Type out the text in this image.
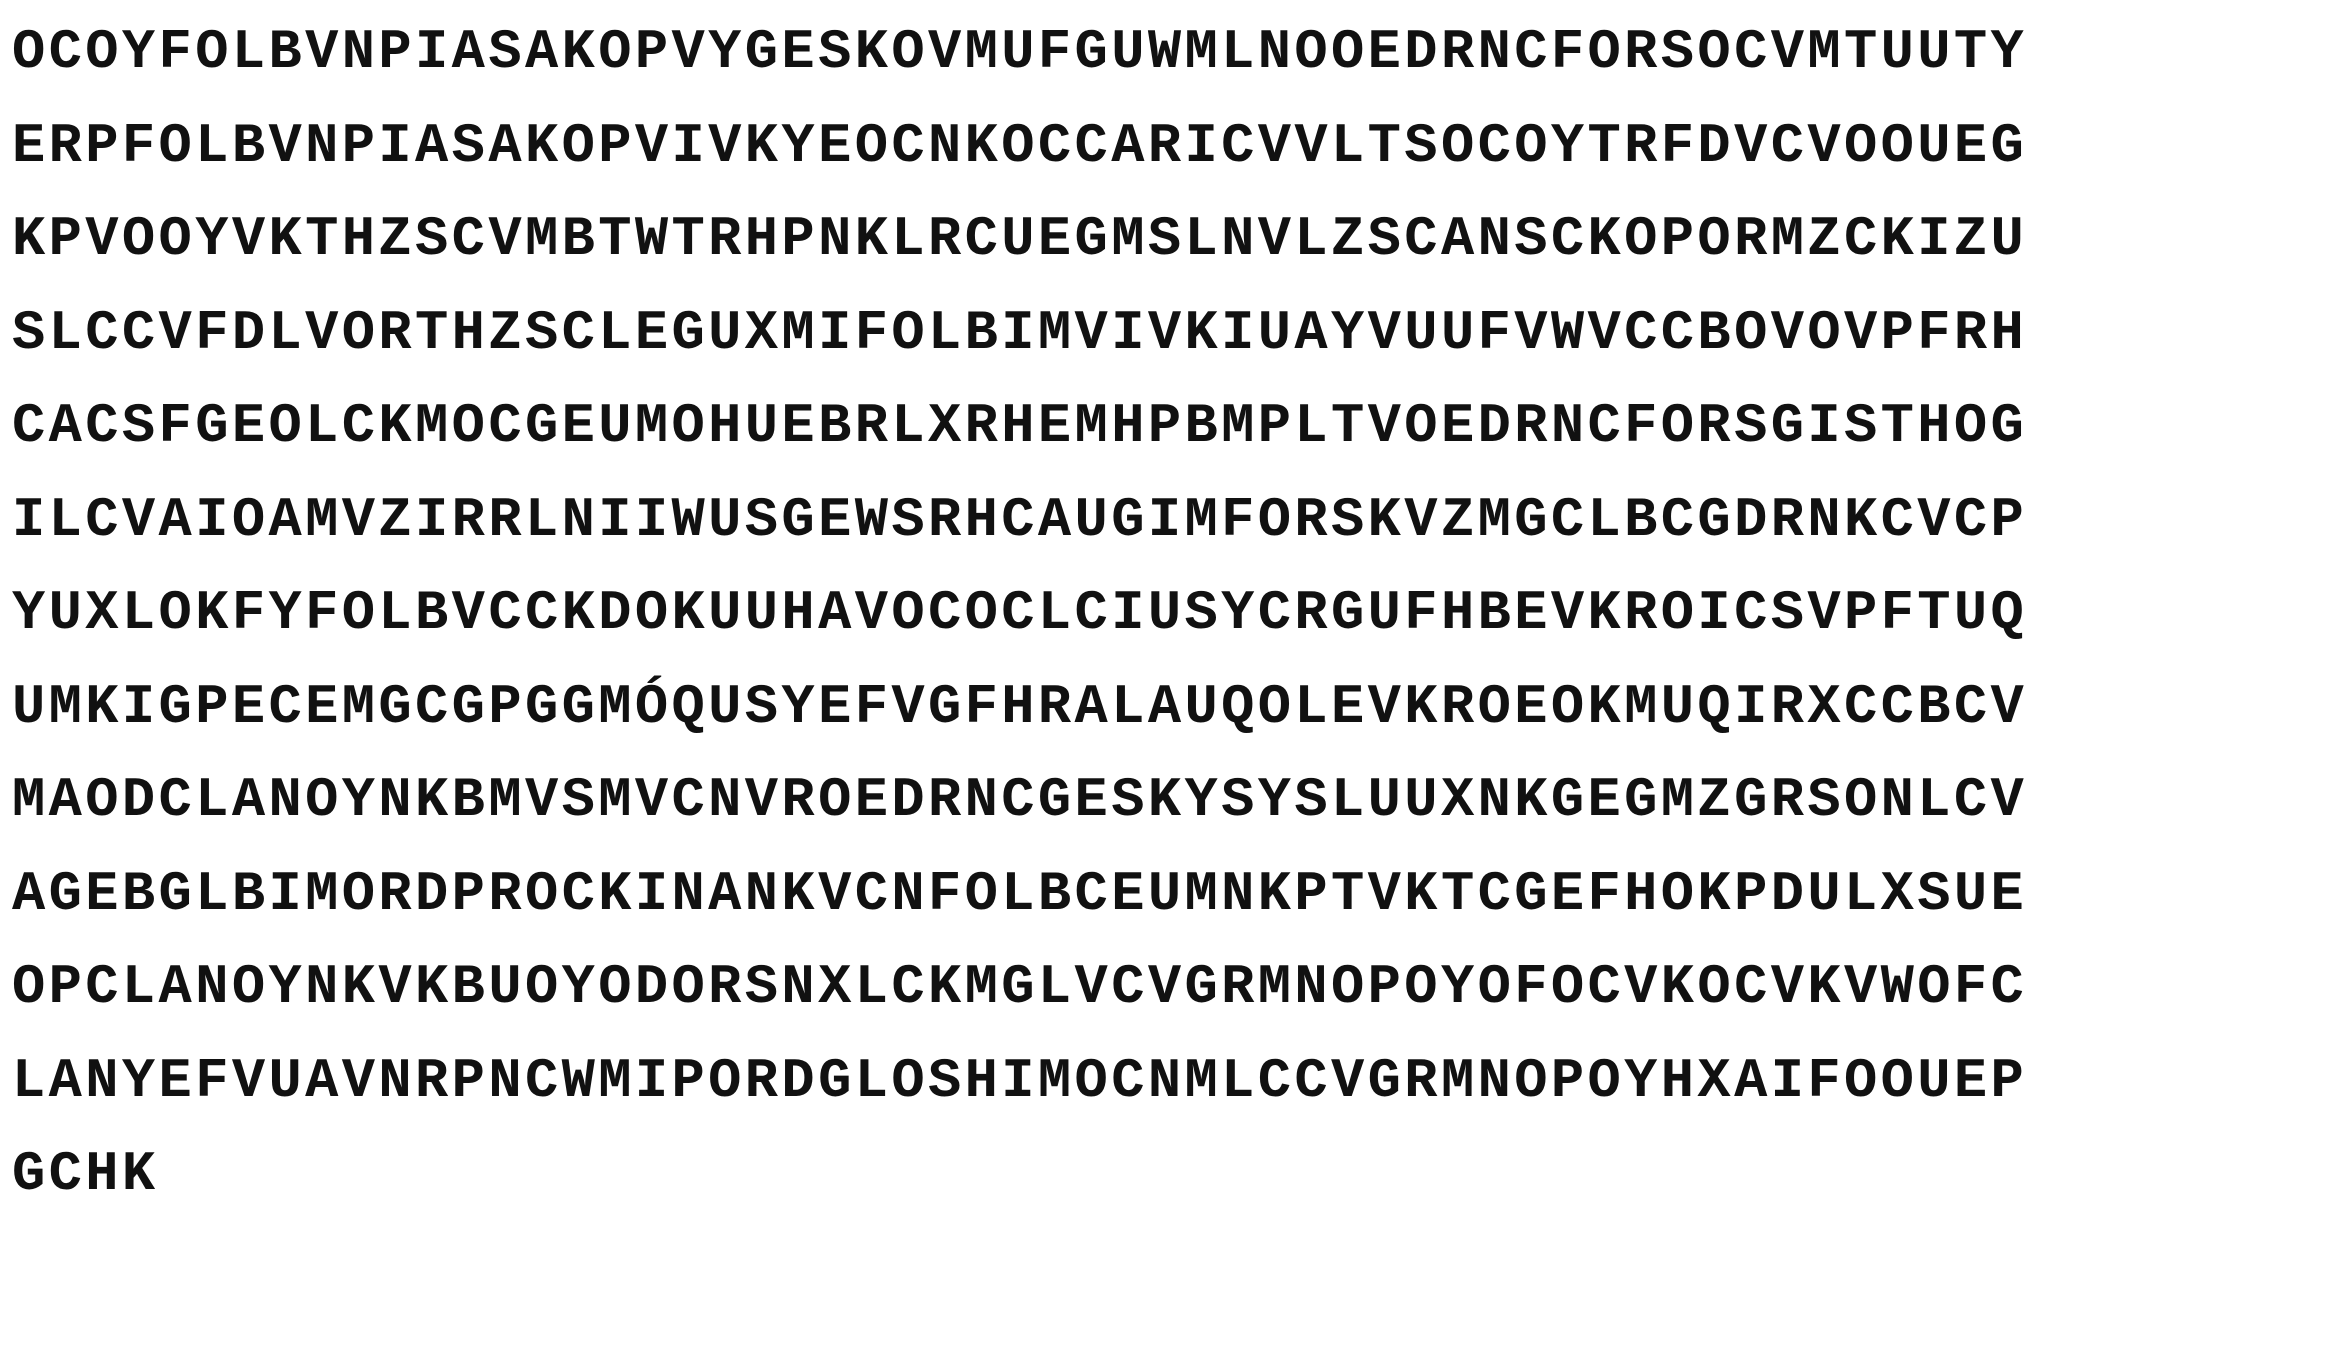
OCOYFOLBVNPIASAKOPVYGESKOVMUFGUWMLNOOEDRNCFORSOCVMTUUTY
ERPFOLBVNPIASAKOPVIVKYEOCNKOCCARICVVLTSOCOYTRFDVCVOOUEG
KPVOOYVKTHZSCVMBTWTRHPNKLRCUEGMSLNVLZSCANSCKOPORMZCKIZU
SLCCVFDLVORTHZSCLEGUXMIFOLBIMVIVKIUAYVUUFVWVCCBOVOVPFRH
CACSFGEOLCKMOCGEUMOHUEBRLXRHEMHPBMPLTVOEDRNCFORSGISTHOG
ILCVAIOAMVZIRRLNIIWUSGEWSRHCAUGIMFORSKVZMGCLBCGDRNKCVCP
YUXLOKFYFOLBVCCKDOKUUHAVOCOCLCIUSYCRGUFHBEVKROICSVPFTUQ
UMKIGPECEMGCGPGGMÓQUSYEFVGFHRALAUQOLEVKROEOKMUQIRXCCBCV
MAODCLANOYNKBMVSMVCNVROEDRNCGESKYSYSLUUXNKGEGMZGRSONLCV
AGEBGLBIMORDPROCKINANKVCNFOLBCEUMNKPTVKTCGEFHOKPDULXSUE
OPCLANOYNKVKBUOYODORSNXLCKMGLVCVGRMNOPOYOFOCVKOCVKVWOFC
LANYEFVUAVNRPNCWMIPORDGLOSHIMOCNMLCCVGRMNOPOYHXAIFOOUEP
GCHK
